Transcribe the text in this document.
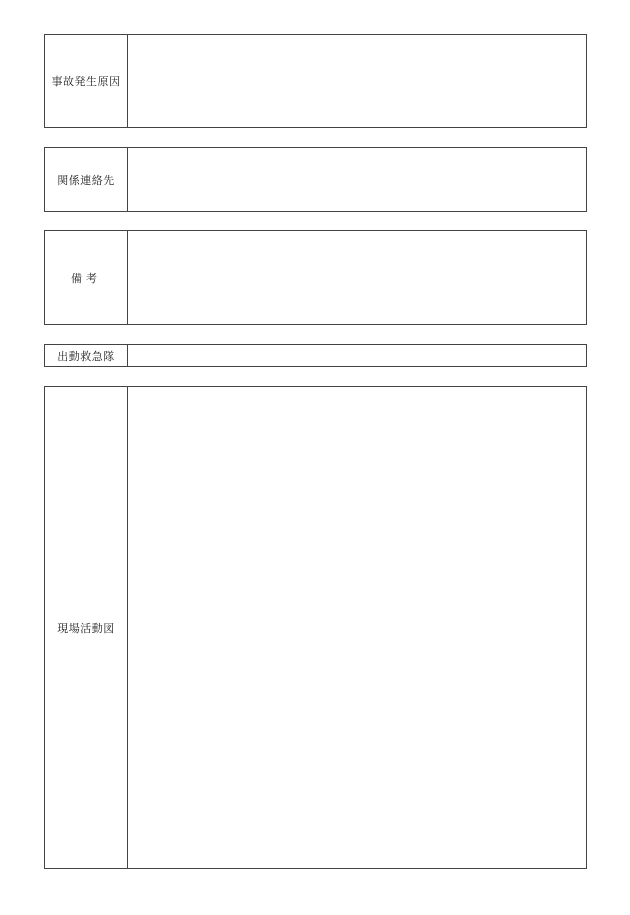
事故発生原因
関係連絡先
備考
出動救急隊
現場活動図
